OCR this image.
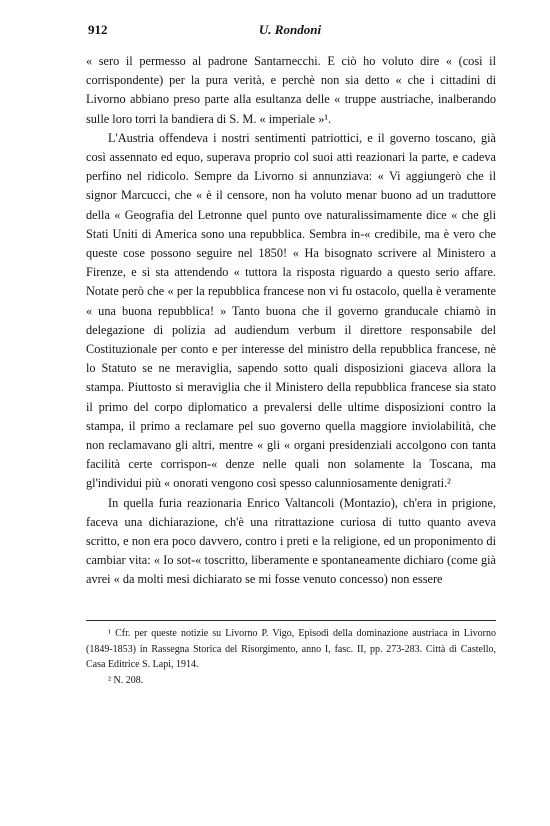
912	U. Rondoni

« sero il permesso al padrone Santarnecchi. E ciò ho voluto dire « (così il corrispondente) per la pura verità, e perchè non sia detto « che i cittadini di Livorno abbiano preso parte alla esultanza delle « truppe austriache, inalberando sulle loro torri la bandiera di S. M. « imperiale »¹.

L'Austria offendeva i nostri sentimenti patriottici, e il governo toscano, già così assennato ed equo, superava proprio col suoi atti reazionari la parte, e cadeva perfino nel ridicolo. Sempre da Livorno si annunziava: « Vi aggiungerò che il signor Marcucci, che « è il censore, non ha voluto menar buono ad un traduttore della « Geografia del Letronne quel punto ove naturalissimamente dice « che gli Stati Uniti di America sono una repubblica. Sembra in-« credibile, ma è vero che queste cose possono seguire nel 1850! « Ha bisognato scrivere al Ministero a Firenze, e si sta attendendo « tuttora la risposta riguardo a questo serio affare. Notate però che « per la repubblica francese non vi fu ostacolo, quella è veramente « una buona repubblica! » Tanto buona che il governo granducale chiamò in delegazione di polizia ad audiendum verbum il direttore responsabile del Costituzionale per conto e per interesse del ministro della repubblica francese, nè lo Statuto se ne meraviglia, sapendo sotto quali disposizioni giaceva allora la stampa. Piuttosto si meraviglia che il Ministero della repubblica francese sia stato il primo del corpo diplomatico a prevalersi delle ultime disposizioni contro la stampa, il primo a reclamare pel suo governo quella maggiore inviolabilità, che non reclamavano gli altri, mentre « gli « organi presidenziali accolgono con tanta facilità certe corrispon-« denze nelle quali non solamente la Toscana, ma gl'individui più « onorati vengono così spesso calunniosamente denigrati.²

In quella furia reazionaria Enrico Valtancoli (Montazio), ch'era in prigione, faceva una dichiarazione, ch'è una ritrattazione curiosa di tutto quanto aveva scritto, e non era poco davvero, contro i preti e la religione, ed un proponimento di cambiar vita: « Io sot-« toscritto, liberamente e spontaneamente dichiaro (come già avrei « da molti mesi dichiarato se mi fosse venuto concesso) non essere

¹ Cfr. per queste notizie su Livorno P. Vigo, Episodi della dominazione austriaca in Livorno (1849-1853) in Rassegna Storica del Risorgimento, anno I, fasc. II, pp. 273-283. Città di Castello, Casa Editrice S. Lapi, 1914.

² N. 208.
